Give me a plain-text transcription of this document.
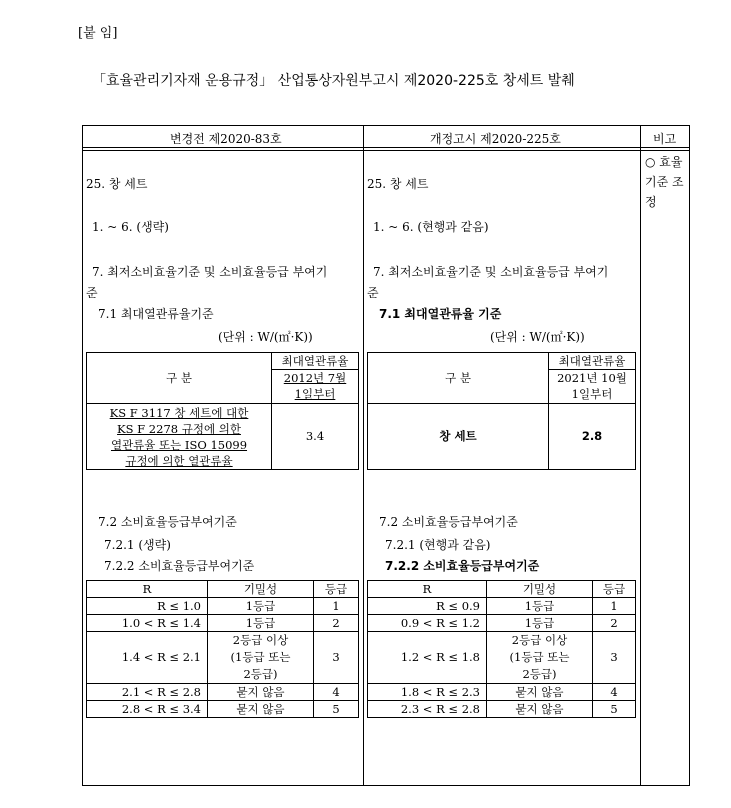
[붙 임]
「효율관리기자재 운용규정」 산업통상자원부고시 제2020-225호 창세트 발췌
변경전 제2020-83호	개정고시 제2020-225호	비고
○ 효율기준 조정
25. 창 세트
1. ~ 6. (생략)
7. 최저소비효율기준 및 소비효율등급 부여기
준
7.1 최대열관류율기준
(단위 : W/(㎡·K))
구 분	최대열관류율
	2012년 7월
	1일부터
KS F 3117 창 세트에 대한
KS F 2278 규정에 의한
열관류율 또는 ISO 15099
규정에 의한 열관류율	3.4
7.2 소비효율등급부여기준
7.2.1 (생략)
7.2.2 소비효율등급부여기준
R	기밀성	등급
R ≤ 1.0	1등급	1
1.0 < R ≤ 1.4	1등급	2
1.4 < R ≤ 2.1	2등급 이상
(1등급 또는
2등급)	3
2.1 < R ≤ 2.8	묻지 않음	4
2.8 < R ≤ 3.4	묻지 않음	5
25. 창 세트
1. ~ 6. (현행과 같음)
7. 최저소비효율기준 및 소비효율등급 부여기
준
7.1 최대열관류율 기준
(단위 : W/(㎡·K))
구 분	최대열관류율
	2021년 10월
	1일부터
창 세트	2.8
7.2 소비효율등급부여기준
7.2.1 (현행과 같음)
7.2.2 소비효율등급부여기준
R	기밀성	등급
R ≤ 0.9	1등급	1
0.9 < R ≤ 1.2	1등급	2
1.2 < R ≤ 1.8	2등급 이상
(1등급 또는
2등급)	3
1.8 < R ≤ 2.3	묻지 않음	4
2.3 < R ≤ 2.8	묻지 않음	5
